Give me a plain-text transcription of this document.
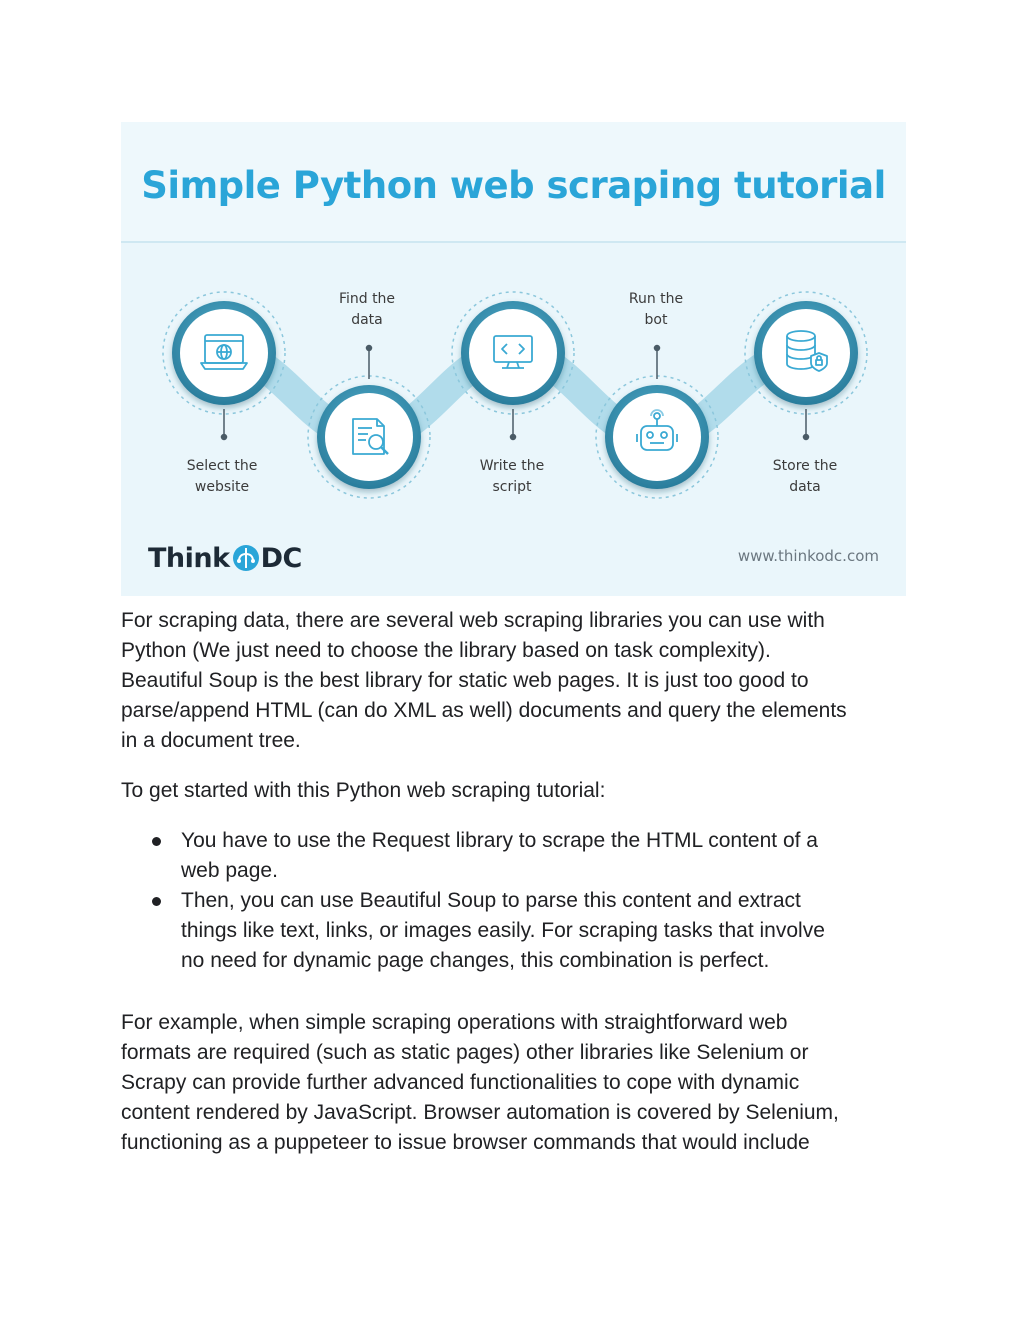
Simple Python web scraping tutorial
Select the
website
Find the
data
Write the
script
Run the
bot
Store the
data
Think DC	www.thinkodc.com

For scraping data, there are several web scraping libraries you can use with
Python (We just need to choose the library based on task complexity).
Beautiful Soup is the best library for static web pages. It is just too good to
parse/append HTML (can do XML as well) documents and query the elements
in a document tree.

To get started with this Python web scraping tutorial:

You have to use the Request library to scrape the HTML content of a
web page.
Then, you can use Beautiful Soup to parse this content and extract
things like text, links, or images easily. For scraping tasks that involve
no need for dynamic page changes, this combination is perfect.

For example, when simple scraping operations with straightforward web
formats are required (such as static pages) other libraries like Selenium or
Scrapy can provide further advanced functionalities to cope with dynamic
content rendered by JavaScript. Browser automation is covered by Selenium,
functioning as a puppeteer to issue browser commands that would include
